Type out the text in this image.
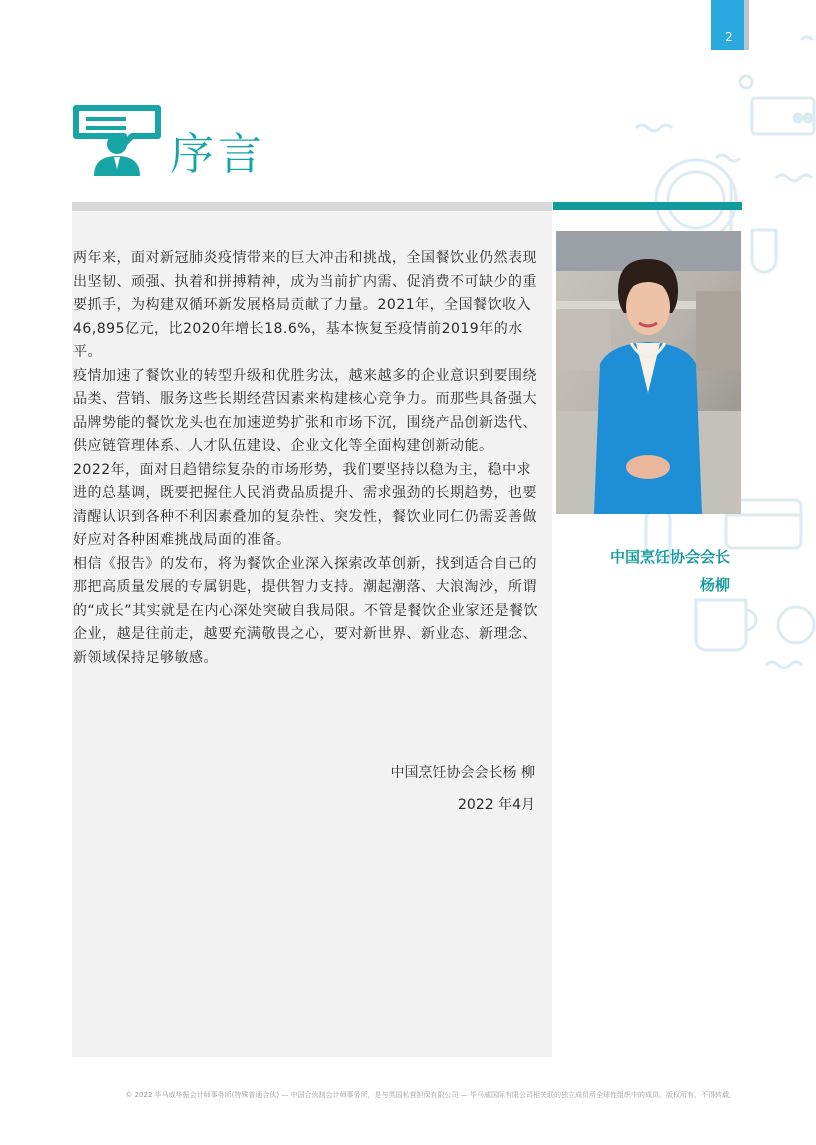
2
序言

两年来，面对新冠肺炎疫情带来的巨大冲击和挑战，全国餐饮业仍然表现出坚韧、顽强、执着和拼搏精神，成为当前扩内需、促消费不可缺少的重要抓手，为构建双循环新发展格局贡献了力量。2021年，全国餐饮收入46,895亿元，比2020年增长18.6%，基本恢复至疫情前2019年的水平。

疫情加速了餐饮业的转型升级和优胜劣汰，越来越多的企业意识到要围绕品类、营销、服务这些长期经营因素来构建核心竞争力。而那些具备强大品牌势能的餐饮龙头也在加速逆势扩张和市场下沉，围绕产品创新迭代、供应链管理体系、人才队伍建设、企业文化等全面构建创新动能。

2022年，面对日趋错综复杂的市场形势，我们要坚持以稳为主，稳中求进的总基调，既要把握住人民消费品质提升、需求强劲的长期趋势，也要清醒认识到各种不利因素叠加的复杂性、突发性，餐饮业同仁仍需妥善做好应对各种困难挑战局面的准备。

相信《报告》的发布，将为餐饮企业深入探索改革创新，找到适合自己的那把高质量发展的专属钥匙，提供智力支持。潮起潮落、大浪淘沙，所谓的“成长”其实就是在内心深处突破自我局限。不管是餐饮企业家还是餐饮企业，越是往前走，越要充满敬畏之心，要对新世界、新业态、新理念、新领域保持足够敏感。

中国烹饪协会会长杨 柳
2022 年4月
中国烹饪协会会长
杨柳
© 2022 毕马威华振会计师事务所(特殊普通合伙) — 中国合伙制会计师事务所，是与英国私营担保有限公司 — 毕马威国际有限公司相关联的独立成员所全球性组织中的成员。版权所有，不得转载。
